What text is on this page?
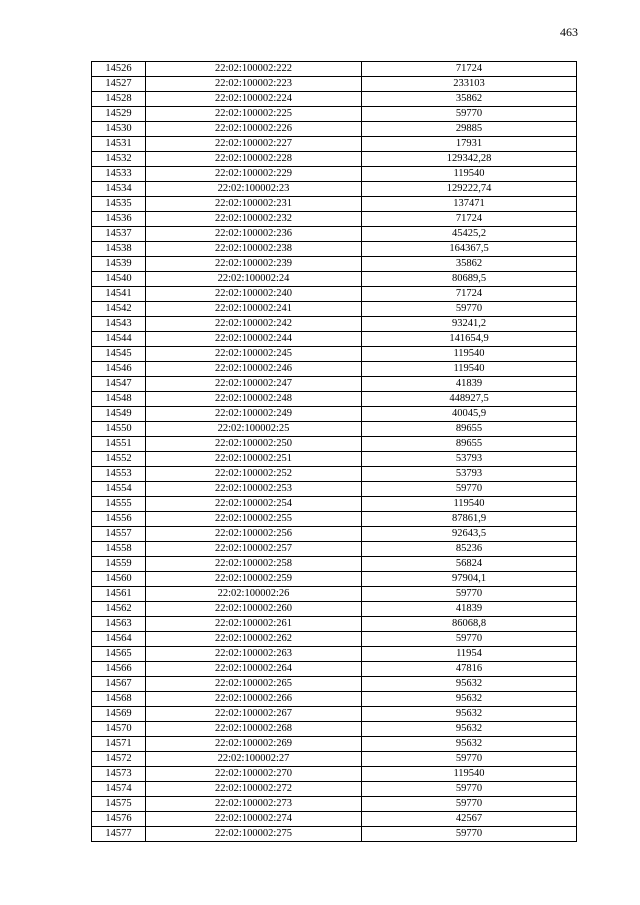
463
14526	22:02:100002:222	71724
14527	22:02:100002:223	233103
14528	22:02:100002:224	35862
14529	22:02:100002:225	59770
14530	22:02:100002:226	29885
14531	22:02:100002:227	17931
14532	22:02:100002:228	129342,28
14533	22:02:100002:229	119540
14534	22:02:100002:23	129222,74
14535	22:02:100002:231	137471
14536	22:02:100002:232	71724
14537	22:02:100002:236	45425,2
14538	22:02:100002:238	164367,5
14539	22:02:100002:239	35862
14540	22:02:100002:24	80689,5
14541	22:02:100002:240	71724
14542	22:02:100002:241	59770
14543	22:02:100002:242	93241,2
14544	22:02:100002:244	141654,9
14545	22:02:100002:245	119540
14546	22:02:100002:246	119540
14547	22:02:100002:247	41839
14548	22:02:100002:248	448927,5
14549	22:02:100002:249	40045,9
14550	22:02:100002:25	89655
14551	22:02:100002:250	89655
14552	22:02:100002:251	53793
14553	22:02:100002:252	53793
14554	22:02:100002:253	59770
14555	22:02:100002:254	119540
14556	22:02:100002:255	87861,9
14557	22:02:100002:256	92643,5
14558	22:02:100002:257	85236
14559	22:02:100002:258	56824
14560	22:02:100002:259	97904,1
14561	22:02:100002:26	59770
14562	22:02:100002:260	41839
14563	22:02:100002:261	86068,8
14564	22:02:100002:262	59770
14565	22:02:100002:263	11954
14566	22:02:100002:264	47816
14567	22:02:100002:265	95632
14568	22:02:100002:266	95632
14569	22:02:100002:267	95632
14570	22:02:100002:268	95632
14571	22:02:100002:269	95632
14572	22:02:100002:27	59770
14573	22:02:100002:270	119540
14574	22:02:100002:272	59770
14575	22:02:100002:273	59770
14576	22:02:100002:274	42567
14577	22:02:100002:275	59770
